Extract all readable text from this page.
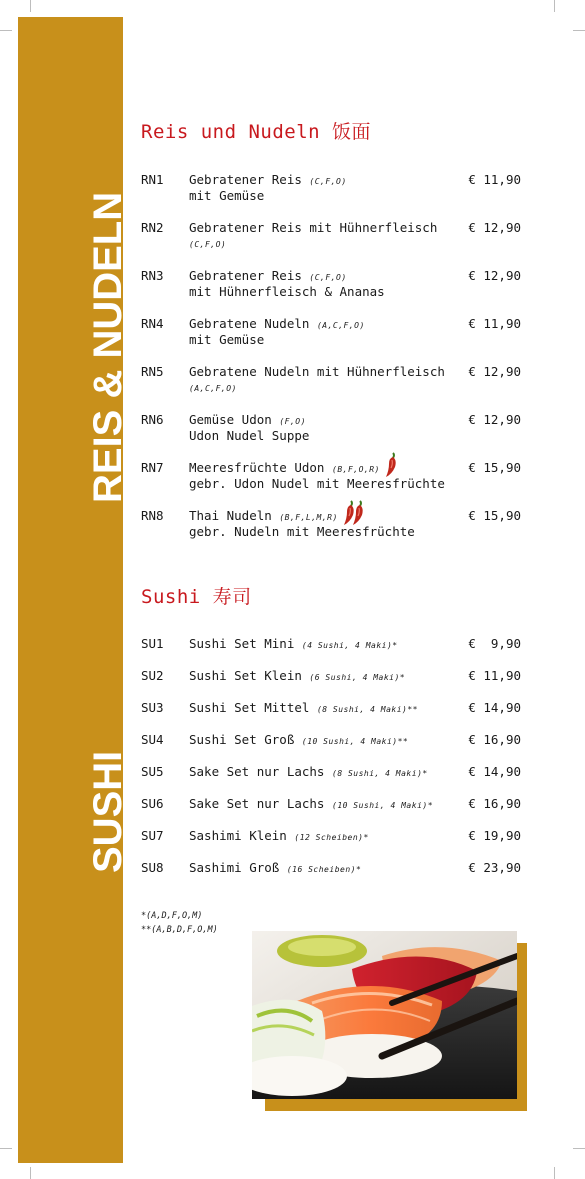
REIS & NUDELN
SUSHI
Reis und Nudeln 饭面
RN1 Gebratener Reis (C,F,O)	€ 11,90
mit Gemüse
RN2 Gebratener Reis mit Hühnerfleisch € 12,90
(C,F,O)
RN3 Gebratener Reis (C,F,O)	€ 12,90
mit Hühnerfleisch & Ananas
RN4 Gebratene Nudeln (A,C,F,O)	€ 11,90
mit Gemüse
RN5 Gebratene Nudeln mit Hühnerfleisch € 12,90
(A,C,F,O)
RN6 Gemüse Udon (F,O)	€ 12,90
Udon Nudel Suppe
RN7 Meeresfrüchte Udon (B,F,O,R)	€ 15,90
gebr. Udon Nudel mit Meeresfrüchte
RN8 Thai Nudeln (B,F,L,M,R)	€ 15,90
gebr. Nudeln mit Meeresfrüchte
Sushi 寿司
SU1 Sushi Set Mini (4 Sushi, 4 Maki)*	€  9,90
SU2 Sushi Set Klein (6 Sushi, 4 Maki)*	€ 11,90
SU3 Sushi Set Mittel (8 Sushi, 4 Maki)**	€ 14,90
SU4 Sushi Set Groß (10 Sushi, 4 Maki)**	€ 16,90
SU5 Sake Set nur Lachs (8 Sushi, 4 Maki)*	€ 14,90
SU6 Sake Set nur Lachs (10 Sushi, 4 Maki)*	€ 16,90
SU7 Sashimi Klein (12 Scheiben)*	€ 19,90
SU8 Sashimi Groß (16 Scheiben)*	€ 23,90
*(A,D,F,O,M)
**(A,B,D,F,O,M)
